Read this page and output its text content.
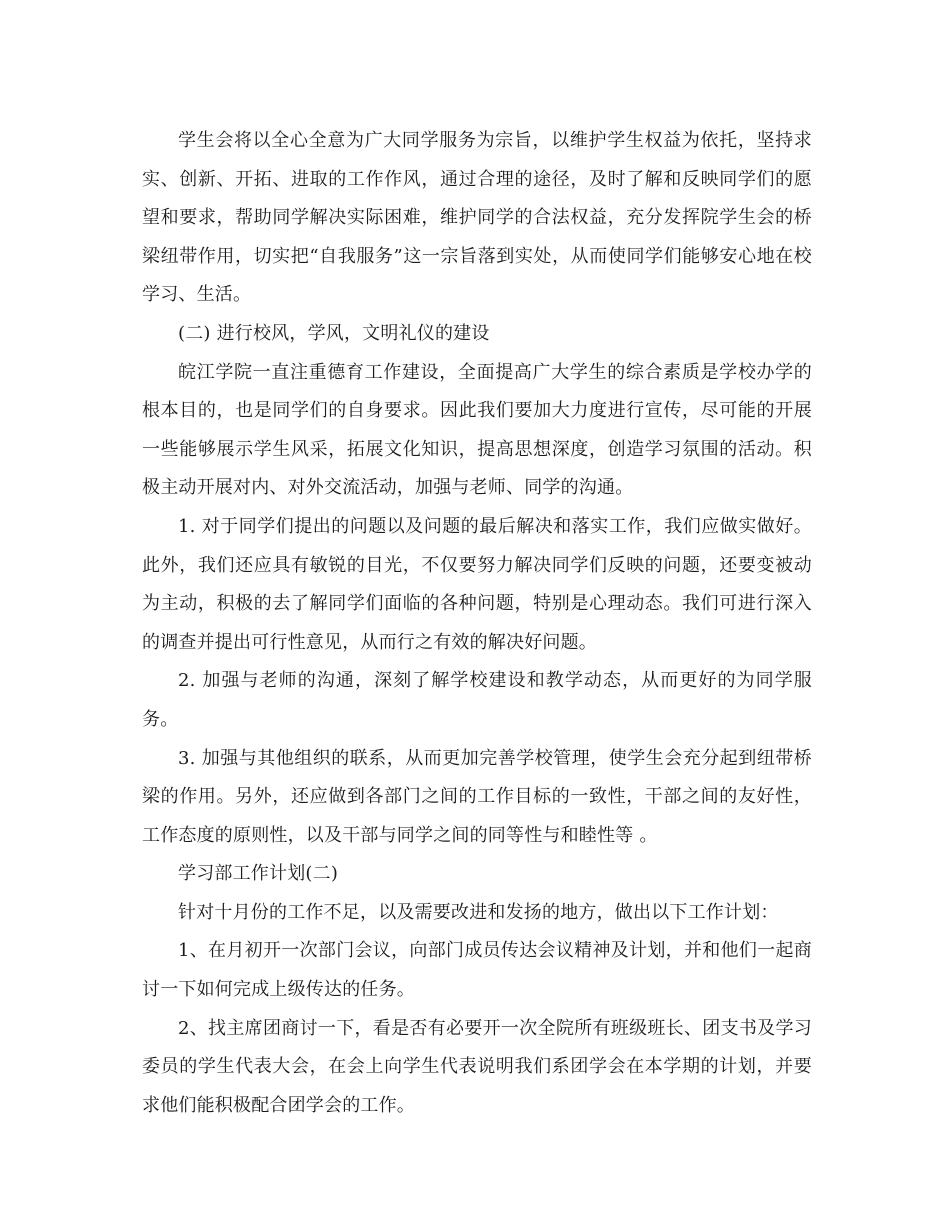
学生会将以全心全意为广大同学服务为宗旨，以维护学生权益为依托，坚持求实、创新、开拓、进取的工作作风，通过合理的途径，及时了解和反映同学们的愿望和要求，帮助同学解决实际困难，维护同学的合法权益，充分发挥院学生会的桥梁纽带作用，切实把“自我服务”这一宗旨落到实处，从而使同学们能够安心地在校学习、生活。

(二) 进行校风，学风，文明礼仪的建设

皖江学院一直注重德育工作建设，全面提高广大学生的综合素质是学校办学的根本目的，也是同学们的自身要求。因此我们要加大力度进行宣传，尽可能的开展一些能够展示学生风采，拓展文化知识，提高思想深度，创造学习氛围的活动。积极主动开展对内、对外交流活动，加强与老师、同学的沟通。

1. 对于同学们提出的问题以及问题的最后解决和落实工作，我们应做实做好。此外，我们还应具有敏锐的目光，不仅要努力解决同学们反映的问题，还要变被动为主动，积极的去了解同学们面临的各种问题，特别是心理动态。我们可进行深入的调查并提出可行性意见，从而行之有效的解决好问题。

2. 加强与老师的沟通，深刻了解学校建设和教学动态，从而更好的为同学服务。

3. 加强与其他组织的联系，从而更加完善学校管理，使学生会充分起到纽带桥梁的作用。另外，还应做到各部门之间的工作目标的一致性，干部之间的友好性，工作态度的原则性，以及干部与同学之间的同等性与和睦性等 。

学习部工作计划(二)

针对十月份的工作不足，以及需要改进和发扬的地方，做出以下工作计划：

1、在月初开一次部门会议，向部门成员传达会议精神及计划，并和他们一起商讨一下如何完成上级传达的任务。

2、找主席团商讨一下，看是否有必要开一次全院所有班级班长、团支书及学习委员的学生代表大会，在会上向学生代表说明我们系团学会在本学期的计划，并要求他们能积极配合团学会的工作。
